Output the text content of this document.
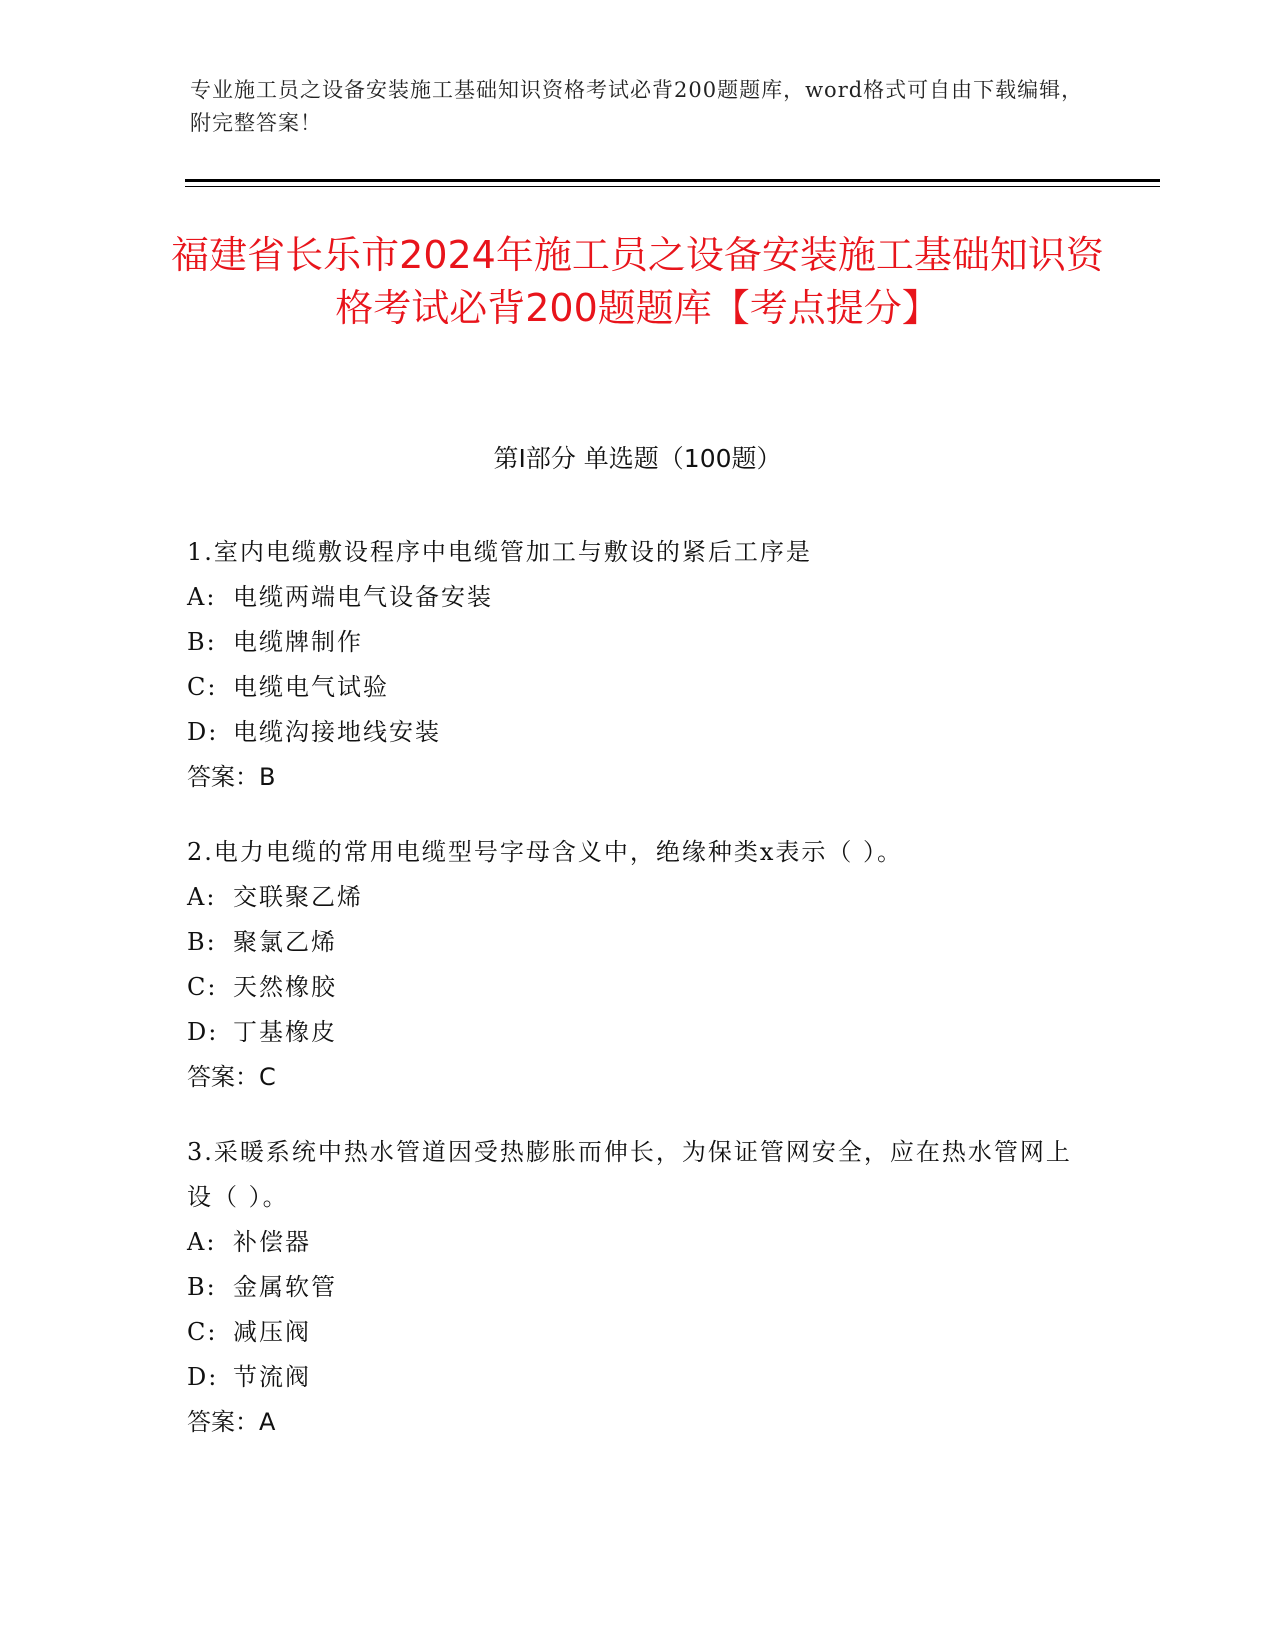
专业施工员之设备安装施工基础知识资格考试必背200题题库，word格式可自由下载编辑，附完整答案！
福建省长乐市2024年施工员之设备安装施工基础知识资格考试必背200题题库【考点提分】
第I部分 单选题（100题）

1.室内电缆敷设程序中电缆管加工与敷设的紧后工序是

A: 电缆两端电气设备安装

B: 电缆牌制作

C: 电缆电气试验

D: 电缆沟接地线安装

答案：B

2.电力电缆的常用电缆型号字母含义中，绝缘种类x表示（ ）。

A: 交联聚乙烯

B: 聚氯乙烯

C: 天然橡胶

D: 丁基橡皮

答案：C

3.采暖系统中热水管道因受热膨胀而伸长，为保证管网安全，应在热水管网上设（ ）。

A: 补偿器

B: 金属软管

C: 减压阀

D: 节流阀

答案：A
